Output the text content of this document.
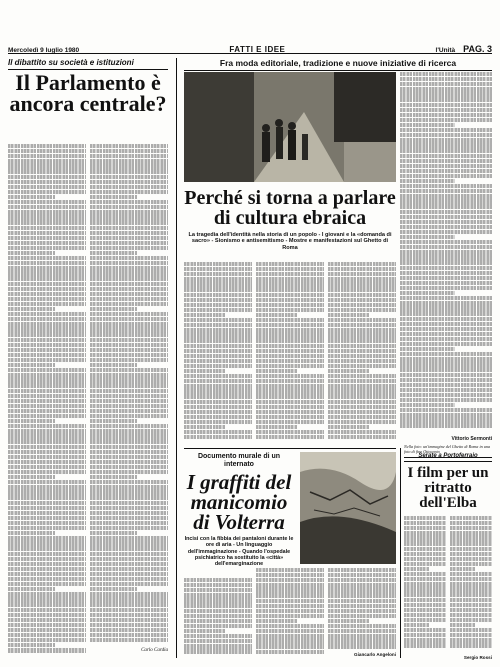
Mercoledì 9 luglio 1980	FATTI E IDEE	l'Unità PAG. 3
Il dibattito su società e istituzioni
Il Parlamento è ancora centrale?
Carlo Cardia
Fra moda editoriale, tradizione e nuove iniziative di ricerca
Perché si torna a parlare di cultura ebraica
La tragedia dell'identità nella storia di un popolo - I giovani e la «domanda di sacro» - Sionismo e antisemitismo - Mostre e manifestazioni sul Ghetto di Roma
Vittorio Sermonti
Nella foto: un'immagine del Ghetto di Roma in una foto di fine Ottocento
Documento murale di un internato
I graffiti del manicomio di Volterra
Incisi con la fibbia dei pantaloni durante le ore di aria - Un linguaggio dell'immaginazione - Quando l'ospedale psichiatrico ha sostituito la «città» dell'emarginazione
Giancarlo Angeloni
Serate a Portoferraio
I film per un ritratto dell'Elba
Sergio Rossi
